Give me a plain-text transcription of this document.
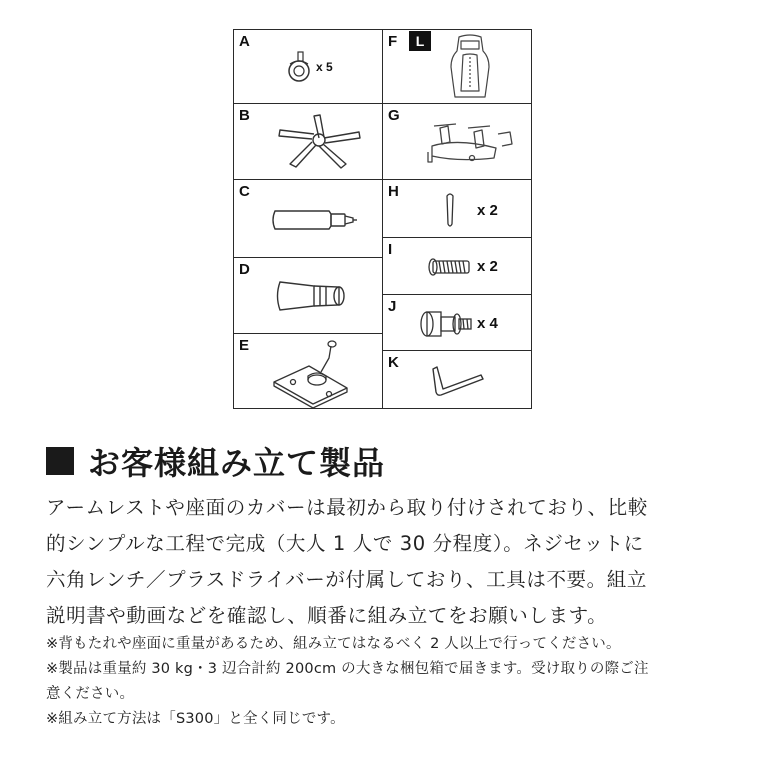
A
x 5
B
C
D
E
F	L
G
H
x 2
I
x 2
J
x 4
K
お客様組み立て製品
アームレストや座面のカバーは最初から取り付けされており、比較
的シンプルな工程で完成（大人 1 人で 30 分程度）。ネジセットに
六角レンチ／プラスドライバーが付属しており、工具は不要。組立
説明書や動画などを確認し、順番に組み立てをお願いします。
※背もたれや座面に重量があるため、組み立てはなるべく 2 人以上で行ってください。
※製品は重量約 30 kg・3 辺合計約 200cm の大きな梱包箱で届きます。受け取りの際ご注
意ください。
※組み立て方法は「S300」と全く同じです。
